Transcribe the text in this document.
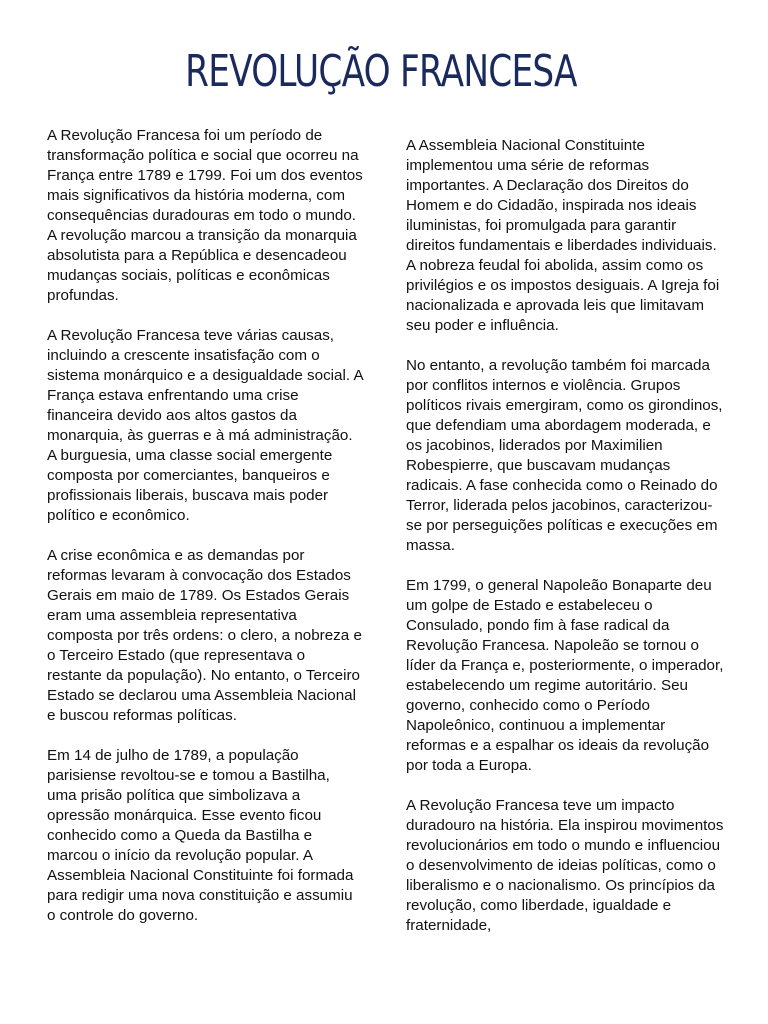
REVOLUÇÃO FRANCESA

A Revolução Francesa foi um período de transformação política e social que ocorreu na França entre 1789 e 1799. Foi um dos eventos mais significativos da história moderna, com consequências duradouras em todo o mundo. A revolução marcou a transição da monarquia absolutista para a República e desencadeou mudanças sociais, políticas e econômicas profundas.

A Revolução Francesa teve várias causas, incluindo a crescente insatisfação com o sistema monárquico e a desigualdade social. A França estava enfrentando uma crise financeira devido aos altos gastos da monarquia, às guerras e à má administração. A burguesia, uma classe social emergente composta por comerciantes, banqueiros e profissionais liberais, buscava mais poder político e econômico.

A crise econômica e as demandas por reformas levaram à convocação dos Estados Gerais em maio de 1789. Os Estados Gerais eram uma assembleia representativa composta por três ordens: o clero, a nobreza e o Terceiro Estado (que representava o restante da população). No entanto, o Terceiro Estado se declarou uma Assembleia Nacional e buscou reformas políticas.

Em 14 de julho de 1789, a população parisiense revoltou-se e tomou a Bastilha, uma prisão política que simbolizava a opressão monárquica. Esse evento ficou conhecido como a Queda da Bastilha e marcou o início da revolução popular. A Assembleia Nacional Constituinte foi formada para redigir uma nova constituição e assumiu o controle do governo.

A Assembleia Nacional Constituinte implementou uma série de reformas importantes. A Declaração dos Direitos do Homem e do Cidadão, inspirada nos ideais iluministas, foi promulgada para garantir direitos fundamentais e liberdades individuais. A nobreza feudal foi abolida, assim como os privilégios e os impostos desiguais. A Igreja foi nacionalizada e aprovada leis que limitavam seu poder e influência.

No entanto, a revolução também foi marcada por conflitos internos e violência. Grupos políticos rivais emergiram, como os girondinos, que defendiam uma abordagem moderada, e os jacobinos, liderados por Maximilien Robespierre, que buscavam mudanças radicais. A fase conhecida como o Reinado do Terror, liderada pelos jacobinos, caracterizou-se por perseguições políticas e execuções em massa.

Em 1799, o general Napoleão Bonaparte deu um golpe de Estado e estabeleceu o Consulado, pondo fim à fase radical da Revolução Francesa. Napoleão se tornou o líder da França e, posteriormente, o imperador, estabelecendo um regime autoritário. Seu governo, conhecido como o Período Napoleônico, continuou a implementar reformas e a espalhar os ideais da revolução por toda a Europa.

A Revolução Francesa teve um impacto duradouro na história. Ela inspirou movimentos revolucionários em todo o mundo e influenciou o desenvolvimento de ideias políticas, como o liberalismo e o nacionalismo. Os princípios da revolução, como liberdade, igualdade e fraternidade,
